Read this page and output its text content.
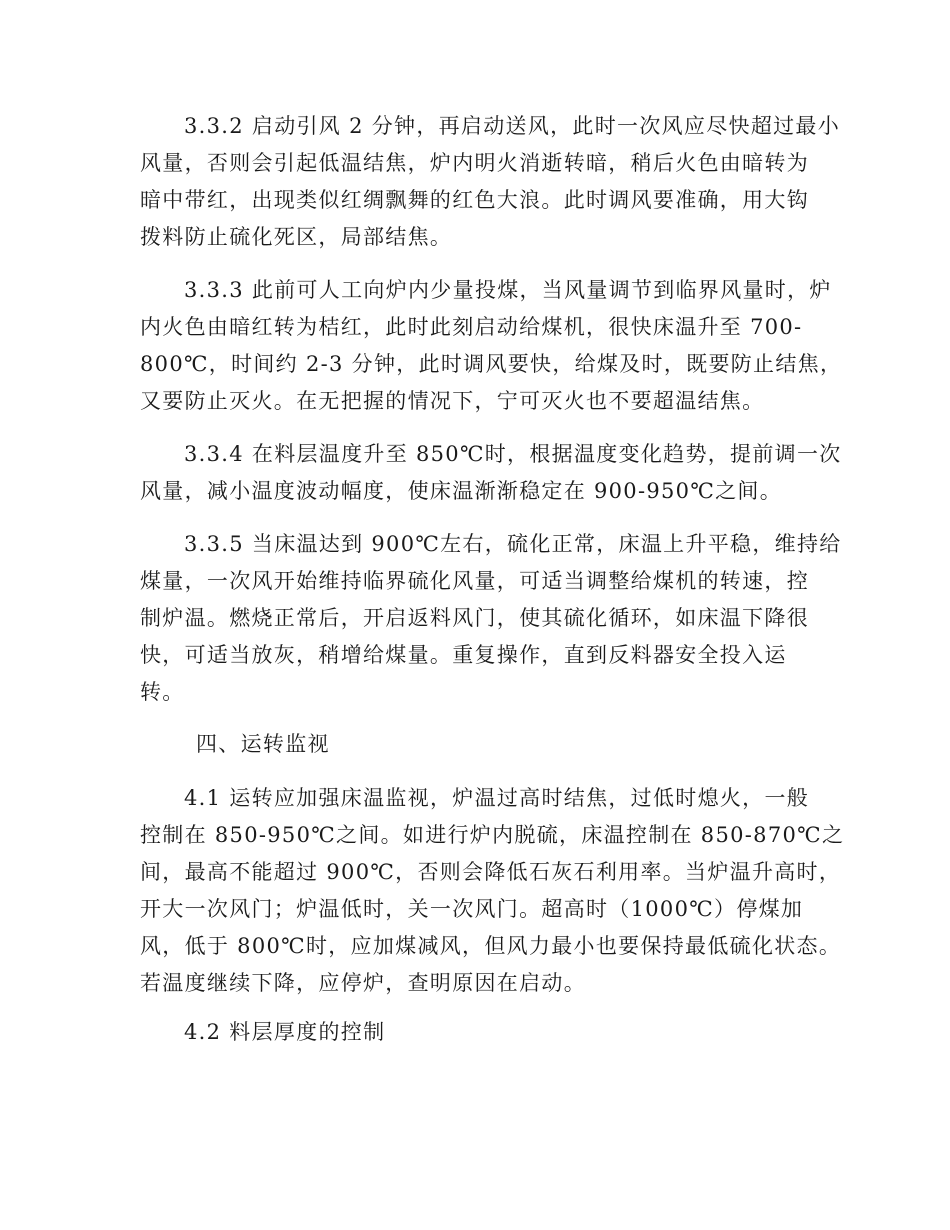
3.3.2 启动引风 2 分钟，再启动送风，此时一次风应尽快超过最小
风量，否则会引起低温结焦，炉内明火消逝转暗，稍后火色由暗转为
暗中带红，出现类似红绸飘舞的红色大浪。此时调风要准确，用大钩
拨料防止硫化死区，局部结焦。
3.3.3 此前可人工向炉内少量投煤，当风量调节到临界风量时，炉
内火色由暗红转为桔红，此时此刻启动给煤机，很快床温升至 700-
800℃，时间约 2-3 分钟，此时调风要快，给煤及时，既要防止结焦，
又要防止灭火。在无把握的情况下，宁可灭火也不要超温结焦。
3.3.4 在料层温度升至 850℃时，根据温度变化趋势，提前调一次
风量，减小温度波动幅度，使床温渐渐稳定在 900-950℃之间。
3.3.5 当床温达到 900℃左右，硫化正常，床温上升平稳，维持给
煤量，一次风开始维持临界硫化风量，可适当调整给煤机的转速，控
制炉温。燃烧正常后，开启返料风门，使其硫化循环，如床温下降很
快，可适当放灰，稍增给煤量。重复操作，直到反料器安全投入运
转。
四、运转监视
4.1 运转应加强床温监视，炉温过高时结焦，过低时熄火，一般
控制在 850-950℃之间。如进行炉内脱硫，床温控制在 850-870℃之
间，最高不能超过 900℃，否则会降低石灰石利用率。当炉温升高时，
开大一次风门；炉温低时，关一次风门。超高时（1000℃）停煤加
风，低于 800℃时，应加煤减风，但风力最小也要保持最低硫化状态。
若温度继续下降，应停炉，查明原因在启动。
4.2 料层厚度的控制
